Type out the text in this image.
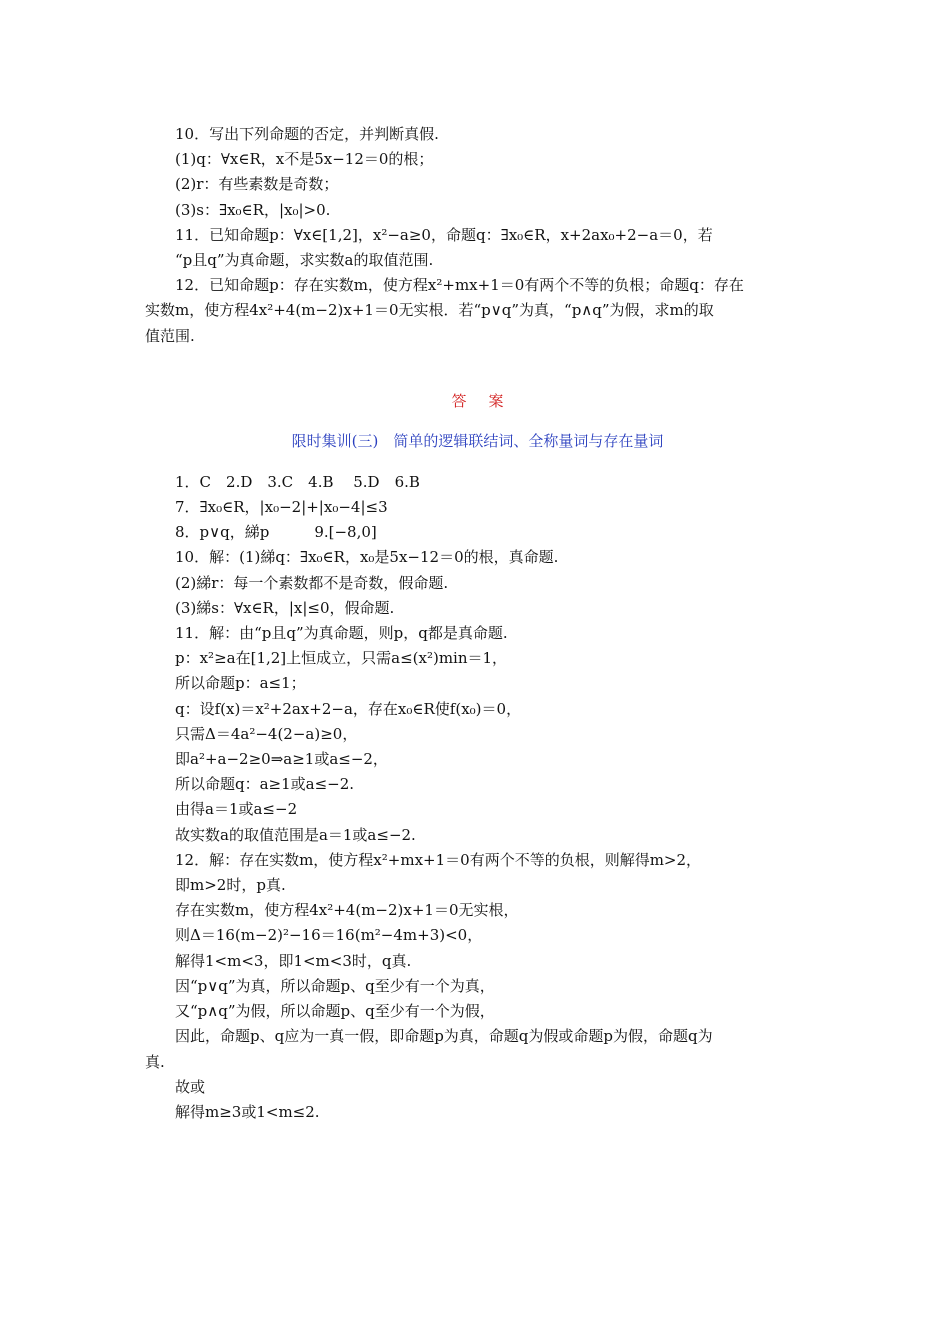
10．写出下列命题的否定，并判断真假.
(1)q：∀x∈R，x不是5x−12＝0的根；
(2)r：有些素数是奇数；
(3)s：∃x₀∈R，|x₀|>0.
11．已知命题p：∀x∈[1,2]，x²−a≥0，命题q：∃x₀∈R，x+2ax₀+2−a＝0，若
“p且q”为真命题，求实数a的取值范围.
12．已知命题p：存在实数m，使方程x²+mx+1＝0有两个不等的负根；命题q：存在
实数m，使方程4x²+4(m−2)x+1＝0无实根．若“p∨q”为真，“p∧q”为假，求m的取
值范围.
答案
限时集训(三)　简单的逻辑联结词、全称量词与存在量词
1．C　2.D　3.C　4.B　 5.D　6.B
7．∃x₀∈R，|x₀−2|+|x₀−4|≤3
8．p∨q，綈p　　　9.[−8,0]
10．解：(1)綈q：∃x₀∈R，x₀是5x−12＝0的根，真命题.
(2)綈r：每一个素数都不是奇数，假命题.
(3)綈s：∀x∈R，|x|≤0，假命题.
11．解：由“p且q”为真命题，则p，q都是真命题.
p：x²≥a在[1,2]上恒成立，只需a≤(x²)min＝1，
所以命题p：a≤1；
q：设f(x)＝x²+2ax+2−a，存在x₀∈R使f(x₀)＝0，
只需Δ＝4a²−4(2−a)≥0，
即a²+a−2≥0⇒a≥1或a≤−2，
所以命题q：a≥1或a≤−2.
由得a＝1或a≤−2
故实数a的取值范围是a＝1或a≤−2.
12．解：存在实数m，使方程x²+mx+1＝0有两个不等的负根，则解得m>2，
即m>2时，p真.
存在实数m，使方程4x²+4(m−2)x+1＝0无实根，
则Δ＝16(m−2)²−16＝16(m²−4m+3)<0，
解得1<m<3，即1<m<3时，q真.
因“p∨q”为真，所以命题p、q至少有一个为真，
又“p∧q”为假，所以命题p、q至少有一个为假，
因此，命题p、q应为一真一假，即命题p为真，命题q为假或命题p为假，命题q为
真.
故或
解得m≥3或1<m≤2.
